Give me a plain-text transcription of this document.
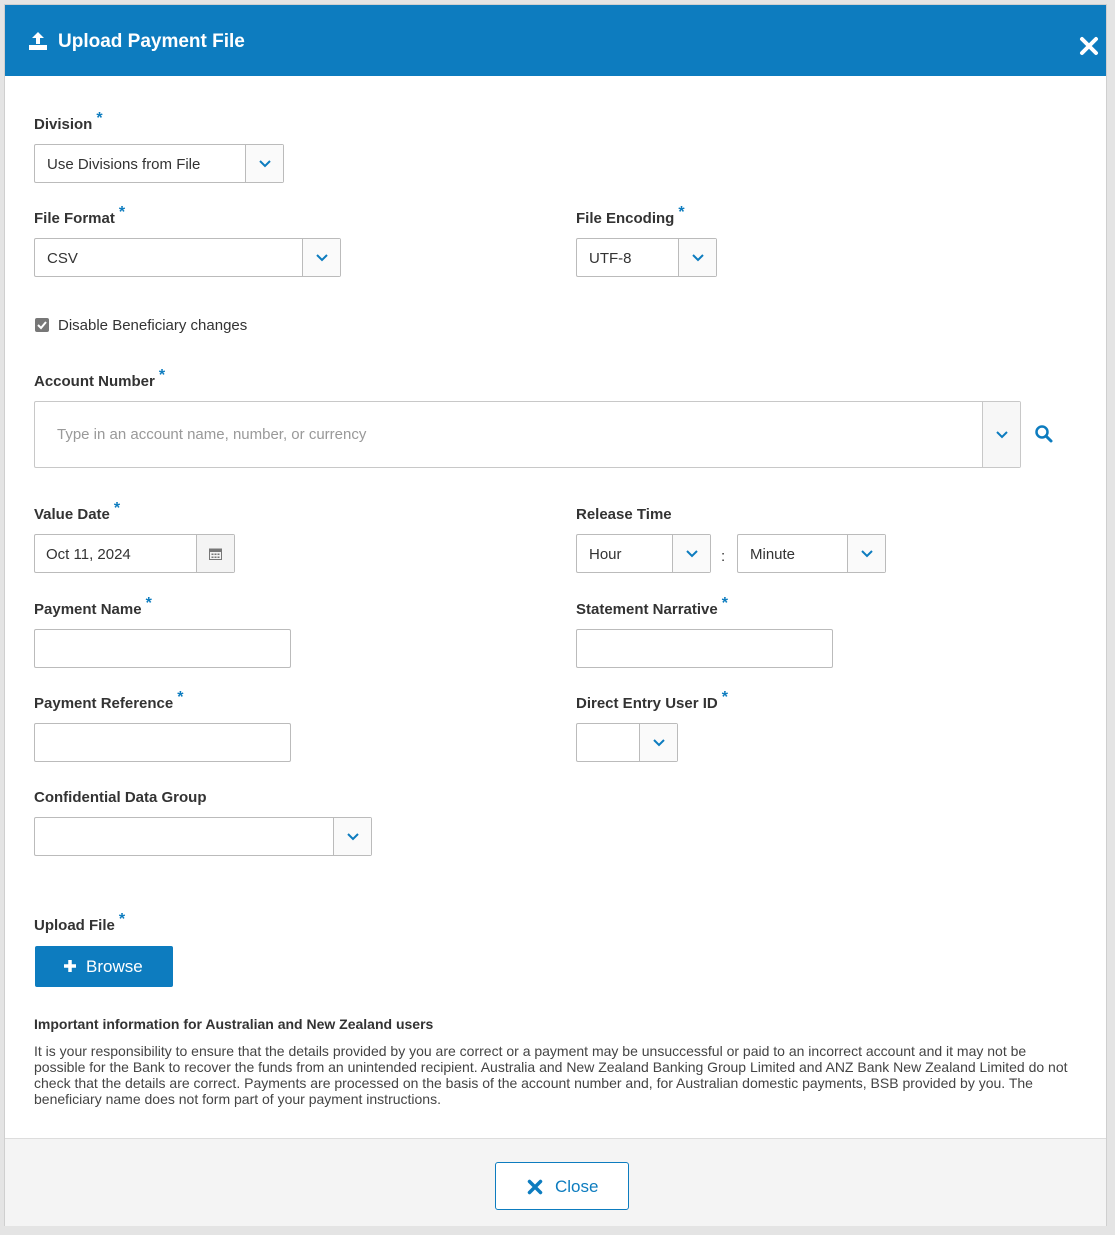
Upload Payment File
Division *
Use Divisions from File
File Format *
CSV
File Encoding *
UTF-8
Disable Beneficiary changes
Account Number *
Type in an account name, number, or currency
Value Date *
Oct 11, 2024
Release Time
Hour	: Minute
Payment Name *	Statement Narrative *
Payment Reference *	Direct Entry User ID *
Confidential Data Group
Upload File *
Browse
Important information for Australian and New Zealand users
It is your responsibility to ensure that the details provided by you are correct or a payment may be unsuccessful or paid to an incorrect account and it may not be possible for the Bank to recover the funds from an unintended recipient. Australia and New Zealand Banking Group Limited and ANZ Bank New Zealand Limited do not check that the details are correct. Payments are processed on the basis of the account number and, for Australian domestic payments, BSB provided by you. The beneficiary name does not form part of your payment instructions.
Close
